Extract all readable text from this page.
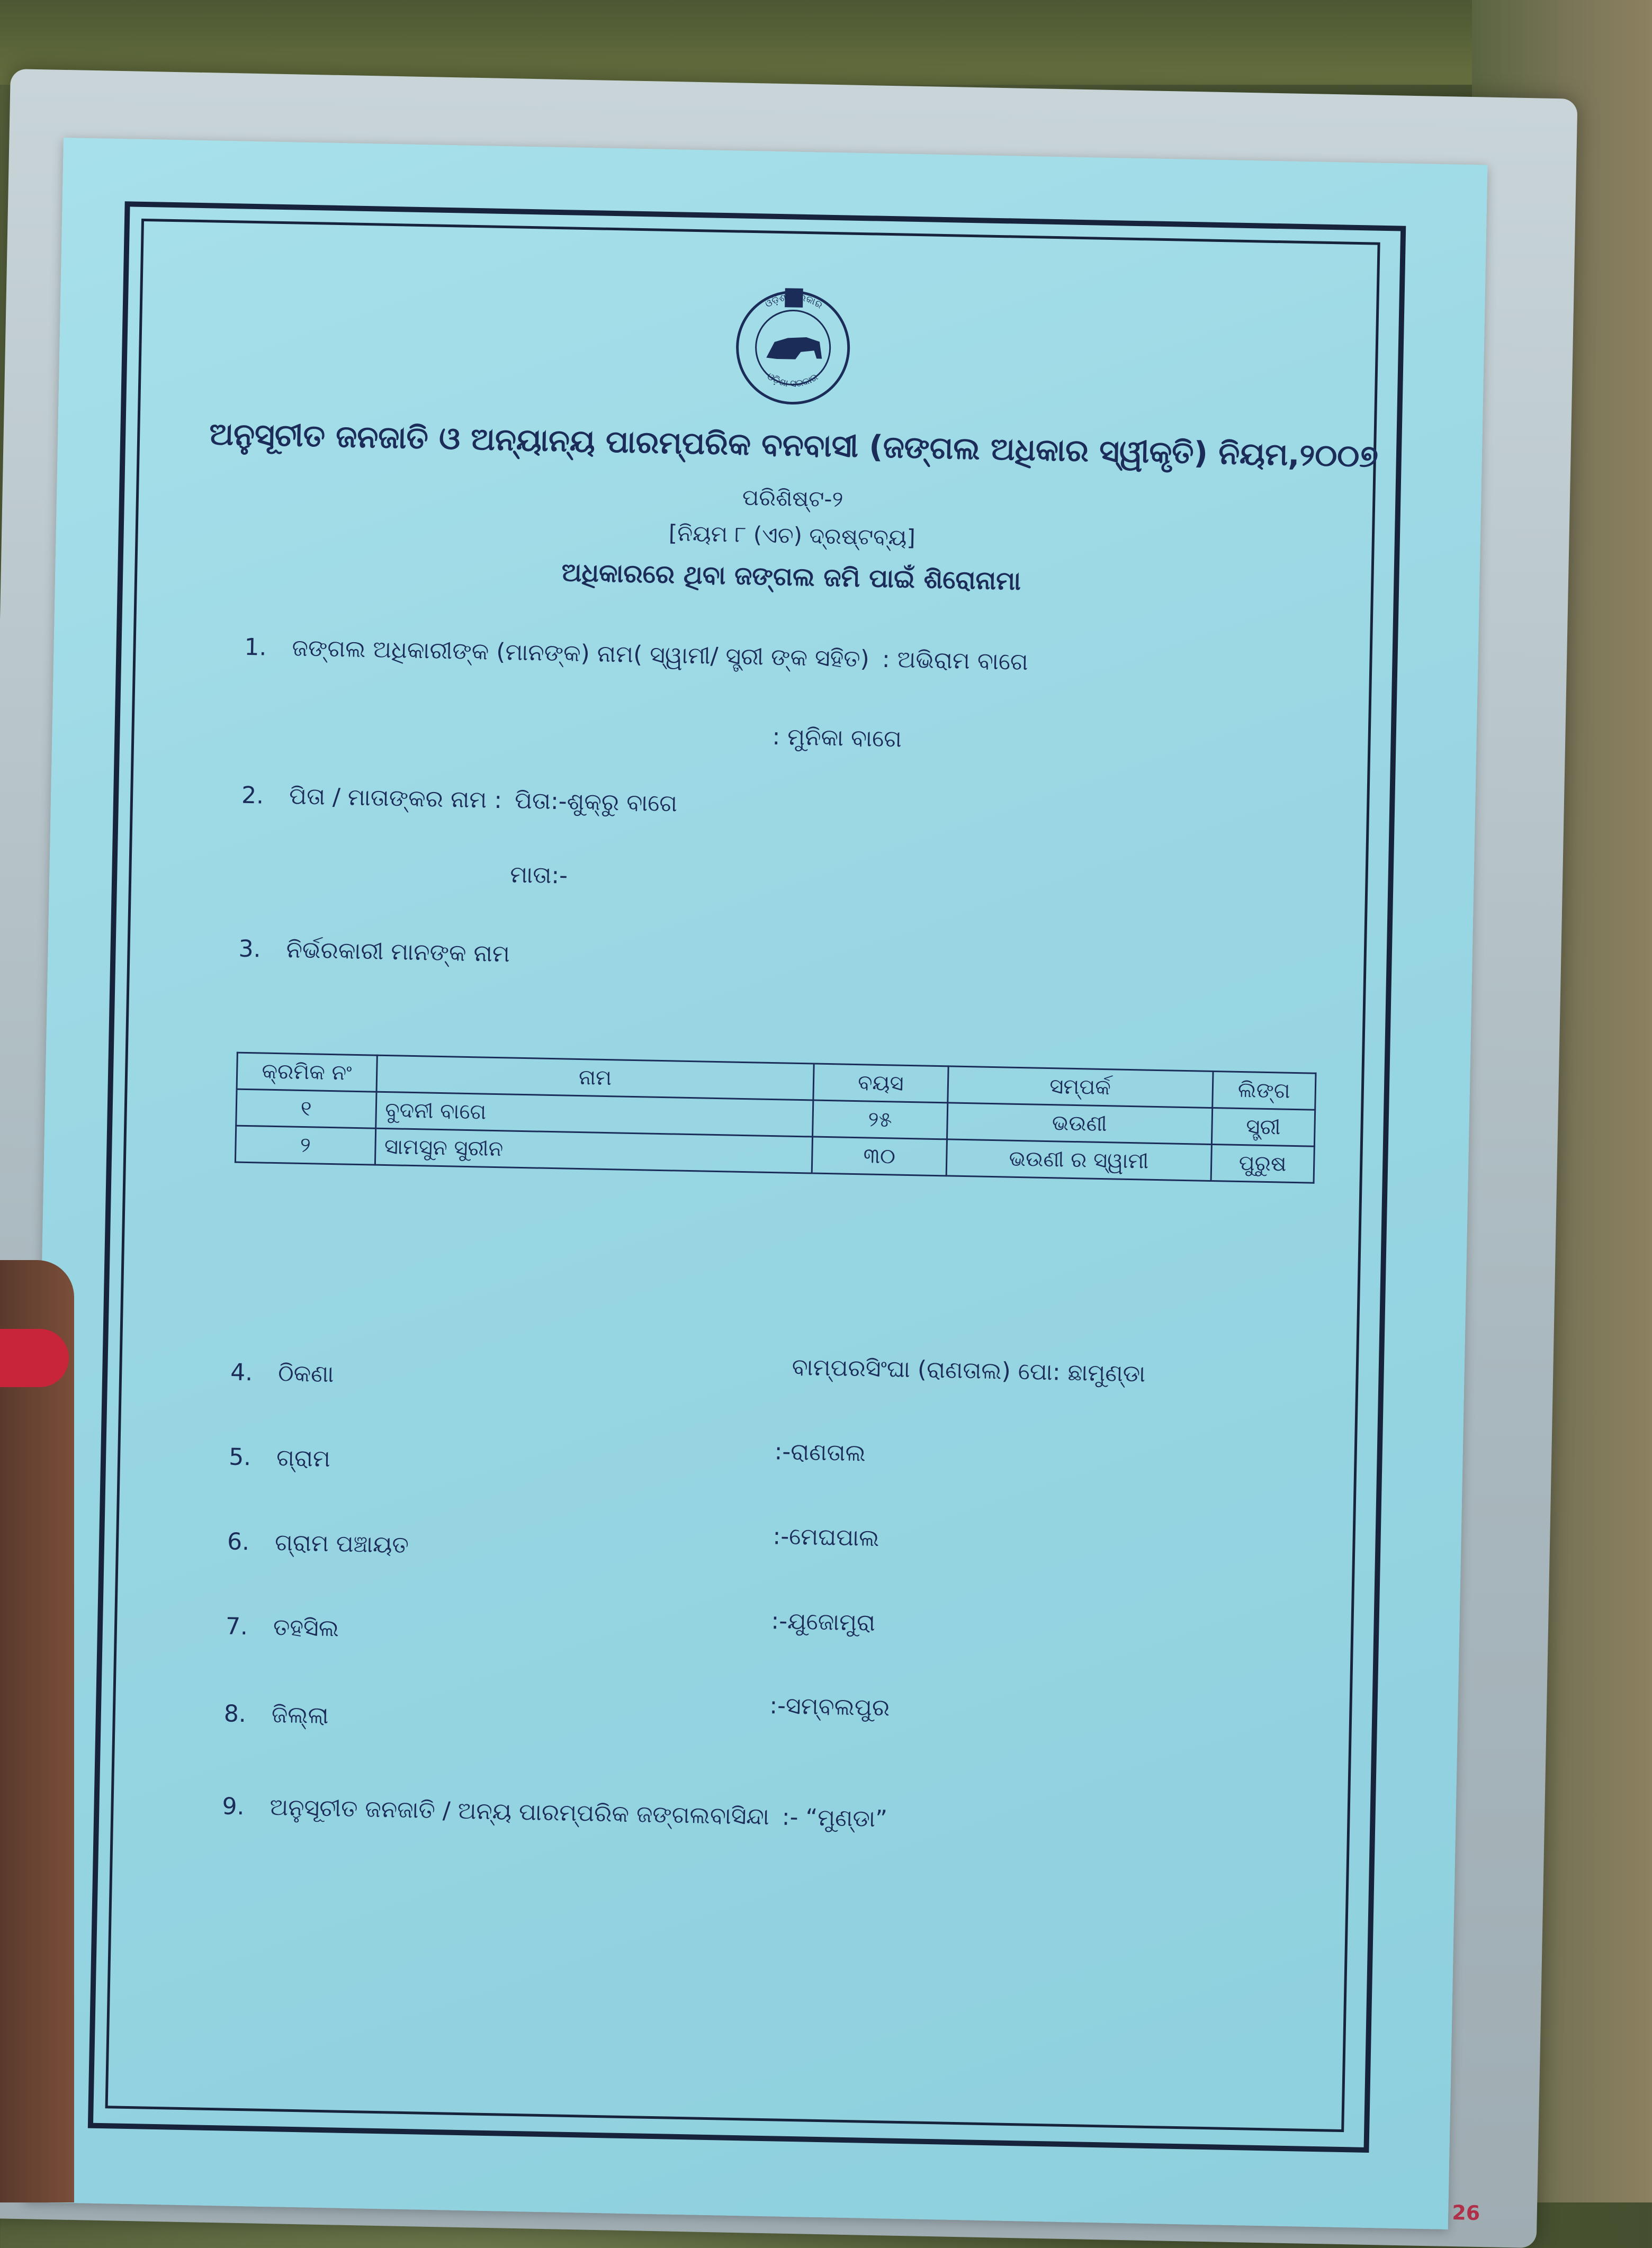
ଓଡ଼ିଶା ସରକାର
ଓଡ଼ିଶା ସରକାର
ଅନୁସୂଚୀତ ଜନଜାତି ଓ ଅନ୍ୟାନ୍ୟ ପାରମ୍ପରିକ ବନବାସୀ (ଜଙ୍ଗଲ ଅଧିକାର ସ୍ୱୀକୃତି) ନିୟମ,୨୦୦୭
ପରିଶିଷ୍ଟ-୨
[ନିୟମ ୮ (ଏଚ) ଦ୍ରଷ୍ଟବ୍ୟ]
ଅଧିକାରରେ ଥିବା ଜଙ୍ଗଲ ଜମି ପାଇଁ ଶିରୋନାମା
1. ଜଙ୍ଗଲ ଅଧିକାରୀଙ୍କ (ମାନଙ୍କ) ନାମ( ସ୍ୱାମୀ/ ସ୍ତ୍ରୀ ଙ୍କ ସହିତ) : ଅଭିରାମ ବାଗେ
: ମୁନିକା ବାଗେ
2. ପିତା / ମାତାଙ୍କର ନାମ : ପିତା:-ଶୁକ୍ରୁ ବାଗେ
ମାତା:-
3. ନିର୍ଭରକାରୀ ମାନଙ୍କ ନାମ
କ୍ରମିକ ନଂ	ନାମ	ବୟସ	ସମ୍ପର୍କ	ଲିଙ୍ଗ
୧	ବୁଦନୀ ବାଗେ	୨୫	ଭଉଣୀ	ସ୍ତ୍ରୀ
୨	ସାମସୁନ ସୁରୀନ	୩୦	ଭଉଣୀ ର ସ୍ୱାମୀ	ପୁରୁଷ
4. ଠିକଣା	ବାମ୍ପରସିଂଘା (ରାଣତାଲ) ପୋ: ଛାମୁଣ୍ଡା
5. ଗ୍ରାମ	:-ରାଣତାଲ
6. ଗ୍ରାମ ପଞ୍ଚାୟତ	:-ମେଘପାଲ
7. ତହସିଲ	:-ଯୁଜୋମୁରା
8. ଜିଲ୍ଲା	:-ସମ୍ବଲପୁର
9. ଅନୁସୂଚୀତ ଜନଜାତି / ଅନ୍ୟ ପାରମ୍ପରିକ ଜଙ୍ଗଲବାସିନ୍ଦା :- “ମୁଣ୍ଡା”
26
